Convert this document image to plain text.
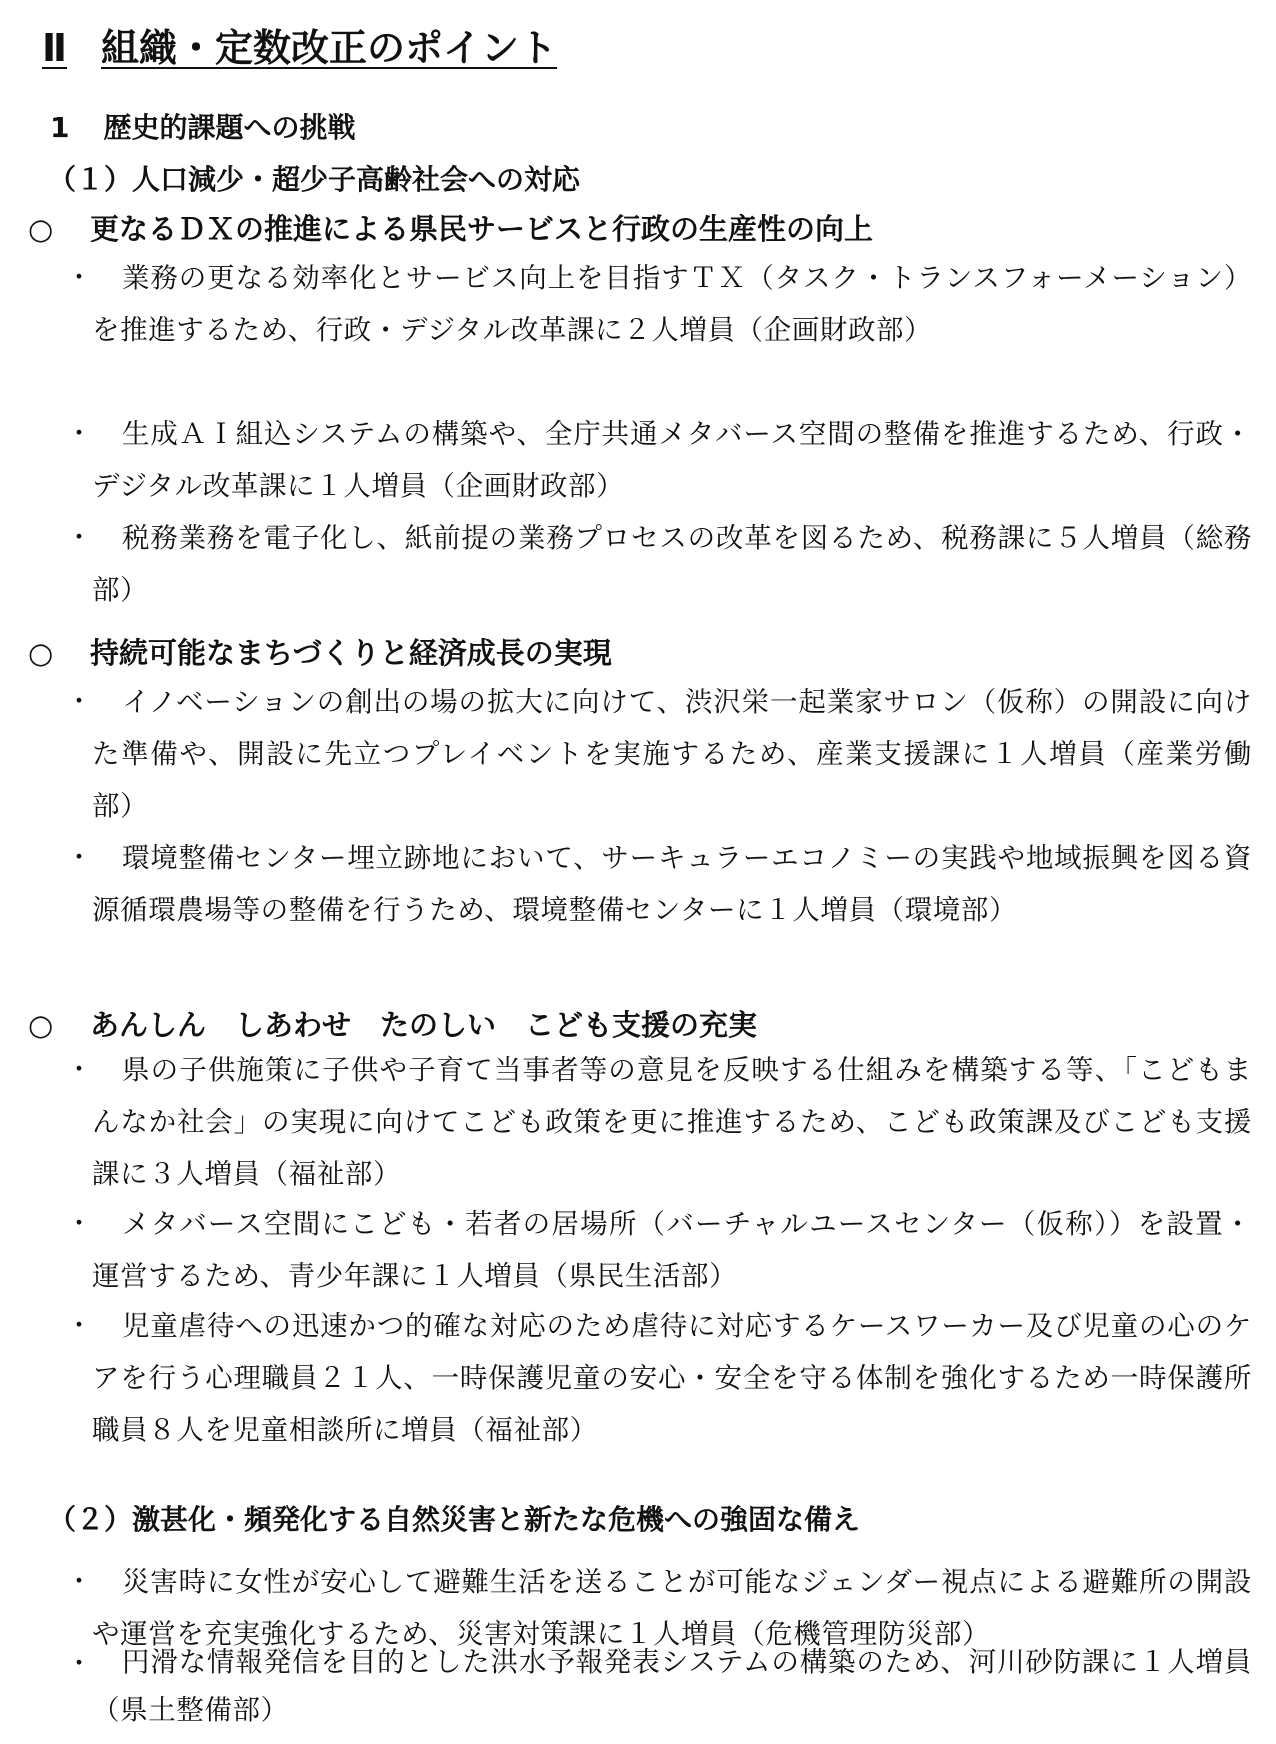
Ⅱ 組織・定数改正のポイント
1 歴史的課題への挑戦
（１）人口減少・超少子高齢社会への対応
○ 更なるＤＸの推進による県民サービスと行政の生産性の向上
・	業務の更なる効率化とサービス向上を目指すＴＸ（タスク・トランスフォーメーション）を推進するため、行政・デジタル改革課に２人増員（企画財政部）
・	生成ＡＩ組込システムの構築や、全庁共通メタバース空間の整備を推進するため、行政・デジタル改革課に１人増員（企画財政部）
・	税務業務を電子化し、紙前提の業務プロセスの改革を図るため、税務課に５人増員（総務部）
○ 持続可能なまちづくりと経済成長の実現
・	イノベーションの創出の場の拡大に向けて、渋沢栄一起業家サロン（仮称）の開設に向けた準備や、開設に先立つプレイベントを実施するため、産業支援課に１人増員（産業労働部）
・	環境整備センター埋立跡地において、サーキュラーエコノミーの実践や地域振興を図る資源循環農場等の整備を行うため、環境整備センターに１人増員（環境部）
○ あんしん　しあわせ　たのしい　こども支援の充実
・	県の子供施策に子供や子育て当事者等の意見を反映する仕組みを構築する等、「こどもまんなか社会」の実現に向けてこども政策を更に推進するため、こども政策課及びこども支援課に３人増員（福祉部）
・	メタバース空間にこども・若者の居場所（バーチャルユースセンター（仮称））を設置・運営するため、青少年課に１人増員（県民生活部）
・	児童虐待への迅速かつ的確な対応のため虐待に対応するケースワーカー及び児童の心のケアを行う心理職員２１人、一時保護児童の安心・安全を守る体制を強化するため一時保護所職員８人を児童相談所に増員（福祉部）
（２）激甚化・頻発化する自然災害と新たな危機への強固な備え
・	災害時に女性が安心して避難生活を送ることが可能なジェンダー視点による避難所の開設や運営を充実強化するため、災害対策課に１人増員（危機管理防災部）
・	円滑な情報発信を目的とした洪水予報発表システムの構築のため、河川砂防課に１人増員（県土整備部）
